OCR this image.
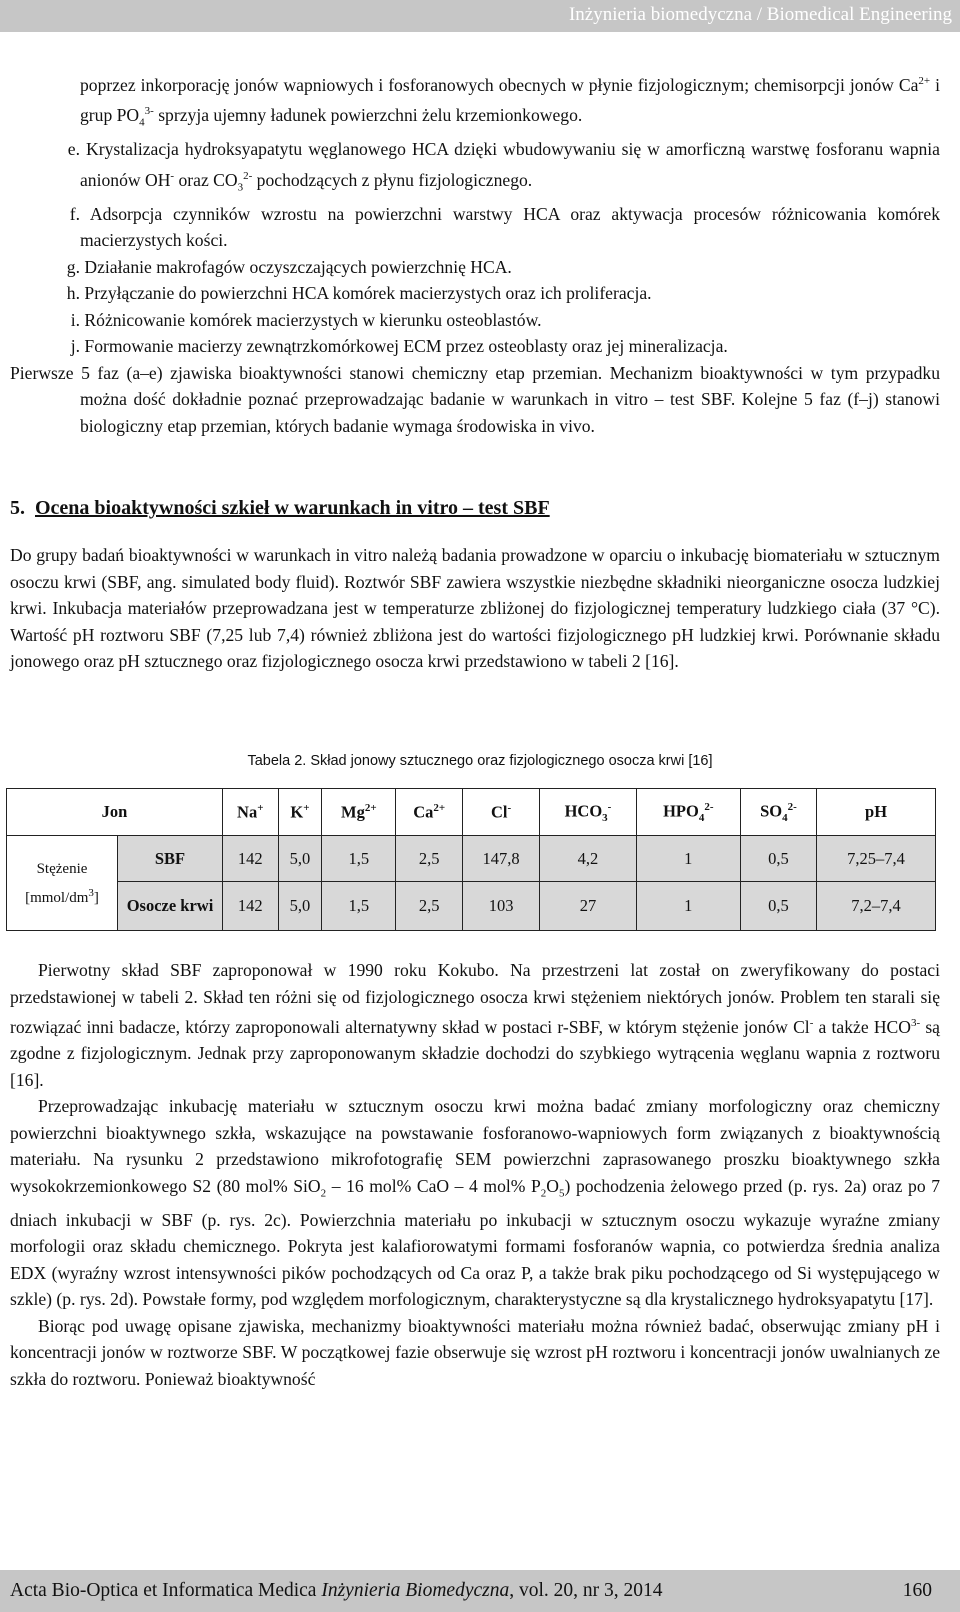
Inżynieria biomedyczna / Biomedical Engineering

poprzez inkorporację jonów wapniowych i fosforanowych obecnych w płynie fizjologicznym; chemisorpcji jonów $Ca^{2+}$ i grup $PO_4^{3-}$ sprzyja ujemny ładunek powierzchni żelu krzemionkowego.

e. Krystalizacja hydroksyapatytu węglanowego HCA dzięki wbudowywaniu się w amorficzną warstwę fosforanu wapnia anionów OH- oraz $CO_3^{2-}$ pochodzących z płynu fizjologicznego.

f. Adsorpcja czynników wzrostu na powierzchni warstwy HCA oraz aktywacja procesów różnicowania komórek macierzystych kości.

g. Działanie makrofagów oczyszczających powierzchnię HCA.

h. Przyłączanie do powierzchni HCA komórek macierzystych oraz ich proliferacja.

i. Różnicowanie komórek macierzystych w kierunku osteoblastów.

j. Formowanie macierzy zewnątrzkomórkowej ECM przez osteoblasty oraz jej mineralizacja.

Pierwsze 5 faz (a–e) zjawiska bioaktywności stanowi chemiczny etap przemian. Mechanizm bioaktywności w tym przypadku można dość dokładnie poznać przeprowadzając badanie w warunkach in vitro – test SBF. Kolejne 5 faz (f–j) stanowi biologiczny etap przemian, których badanie wymaga środowiska in vivo.

5. Ocena bioaktywności szkieł w warunkach in vitro – test SBF

Do grupy badań bioaktywności w warunkach in vitro należą badania prowadzone w oparciu o inkubację biomateriału w sztucznym osoczu krwi (SBF, ang. simulated body fluid). Roztwór SBF zawiera wszystkie niezbędne składniki nieorganiczne osocza ludzkiej krwi. Inkubacja materiałów przeprowadzana jest w temperaturze zbliżonej do fizjologicznej temperatury ludzkiego ciała (37 °C). Wartość pH roztworu SBF (7,25 lub 7,4) również zbliżona jest do wartości fizjologicznego pH ludzkiej krwi. Porównanie składu jonowego oraz pH sztucznego oraz fizjologicznego osocza krwi przedstawiono w tabeli 2 [16].

Tabela 2. Skład jonowy sztucznego oraz fizjologicznego osocza krwi [16]
Jon		Na+	K+	$Mg^{2+}$	$Ca^{2+}$	Cl-	$HCO_3^-$	$HPO_4^{2-}$	$SO_4^{2-}$	pH
Stężenie
$[mmol/dm^3]$	SBF	142	5,0	1,5	2,5	147,8	4,2	1	0,5	7,25–7,4
	Osocze krwi	142	5,0	1,5	2,5	103	27	1	0,5	7,2–7,4

Pierwotny skład SBF zaproponował w 1990 roku Kokubo. Na przestrzeni lat został on zweryfikowany do postaci przedstawionej w tabeli 2. Skład ten różni się od fizjologicznego osocza krwi stężeniem niektórych jonów. Problem ten starali się rozwiązać inni badacze, którzy zaproponowali alternatywny skład w postaci r-SBF, w którym stężenie jonów Cl- a także $HCO^{3-}$ są zgodne z fizjologicznym. Jednak przy zaproponowanym składzie dochodzi do szybkiego wytrącenia węglanu wapnia z roztworu [16].

Przeprowadzając inkubację materiału w sztucznym osoczu krwi można badać zmiany morfologiczny oraz chemiczny powierzchni bioaktywnego szkła, wskazujące na powstawanie fosforanowo-wapniowych form związanych z bioaktywnością materiału. Na rysunku 2 przedstawiono mikrofotografię SEM powierzchni zaprasowanego proszku bioaktywnego szkła wysokokrzemionkowego S2 (80 mol% SiO$_2$ – 16 mol% CaO – 4 mol% $P_2O_5$) pochodzenia żelowego przed (p. rys. 2a) oraz po 7 dniach inkubacji w SBF (p. rys. 2c). Powierzchnia materiału po inkubacji w sztucznym osoczu wykazuje wyraźne zmiany morfologii oraz składu chemicznego. Pokryta jest kalafiorowatymi formami fosforanów wapnia, co potwierdza średnia analiza EDX (wyraźny wzrost intensywności pików pochodzących od Ca oraz P, a także brak piku pochodzącego od Si występującego w szkle) (p. rys. 2d). Powstałe formy, pod względem morfologicznym, charakterystyczne są dla krystalicznego hydroksyapatytu [17].

Biorąc pod uwagę opisane zjawiska, mechanizmy bioaktywności materiału można również badać, obserwując zmiany pH i koncentracji jonów w roztworze SBF. W początkowej fazie obserwuje się wzrost pH roztworu i koncentracji jonów uwalnianych ze szkła do roztworu. Ponieważ bioaktywność

Acta Bio-Optica et Informatica Medica Inżynieria Biomedyczna, vol. 20, nr 3, 2014	160
